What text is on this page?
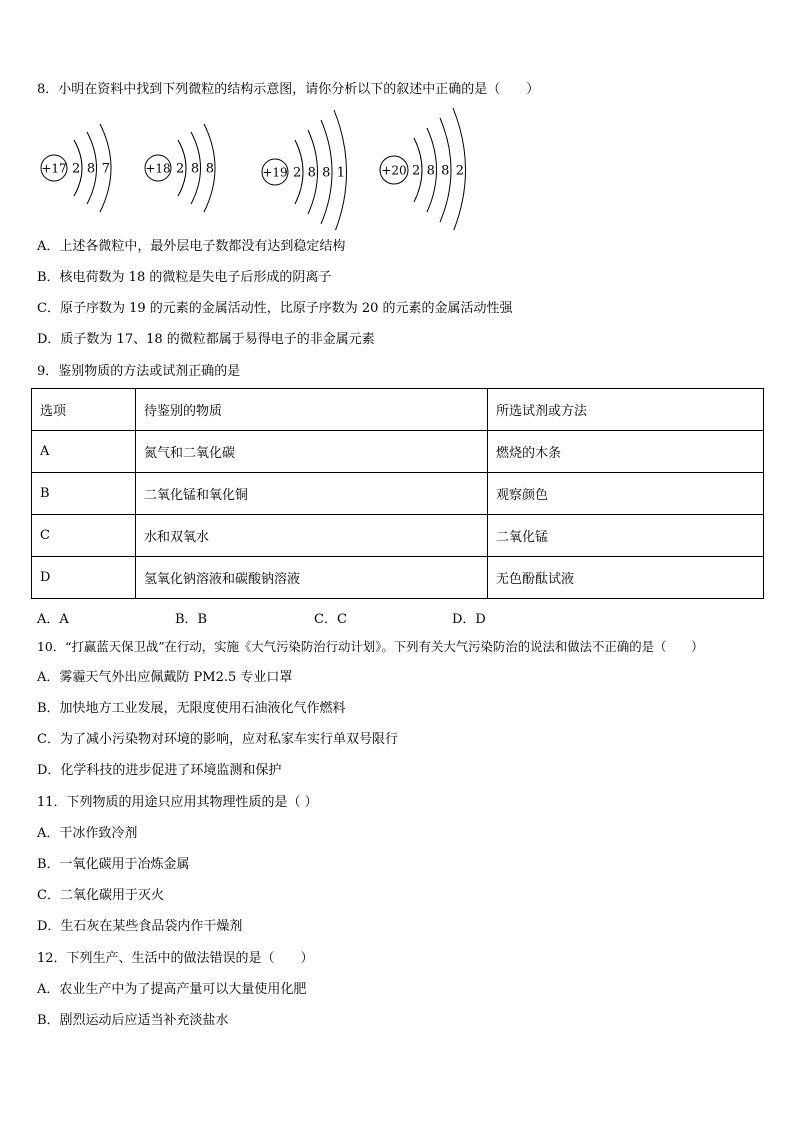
8．小明在资料中找到下列微粒的结构示意图，请你分析以下的叙述中正确的是（　　）
+17 2 8 7	+18 2 8 8	+19 2 8 8 1	+20 2 8 8 2
A．上述各微粒中，最外层电子数都没有达到稳定结构
B．核电荷数为 18 的微粒是失电子后形成的阴离子
C．原子序数为 19 的元素的金属活动性，比原子序数为 20 的元素的金属活动性强
D．质子数为 17、18 的微粒都属于易得电子的非金属元素
9．鉴别物质的方法或试剂正确的是
选项	待鉴别的物质	所选试剂或方法
A	氮气和二氧化碳	燃烧的木条
B	二氧化锰和氧化铜	观察颜色
C	水和双氧水	二氧化锰
D	氢氧化钠溶液和碳酸钠溶液	无色酚酞试液
A．A	B．B	C．C	D．D
10．“打赢蓝天保卫战”在行动，实施《大气污染防治行动计划》。下列有关大气污染防治的说法和做法不正确的是（　　）
A．雾霾天气外出应佩戴防 PM2.5 专业口罩
B．加快地方工业发展，无限度使用石油液化气作燃料
C．为了减小污染物对环境的影响，应对私家车实行单双号限行
D．化学科技的进步促进了环境监测和保护
11．下列物质的用途只应用其物理性质的是（ ）
A．干冰作致冷剂
B．一氧化碳用于冶炼金属
C．二氧化碳用于灭火
D．生石灰在某些食品袋内作干燥剂
12．下列生产、生活中的做法错误的是（　　）
A．农业生产中为了提高产量可以大量使用化肥
B．剧烈运动后应适当补充淡盐水
